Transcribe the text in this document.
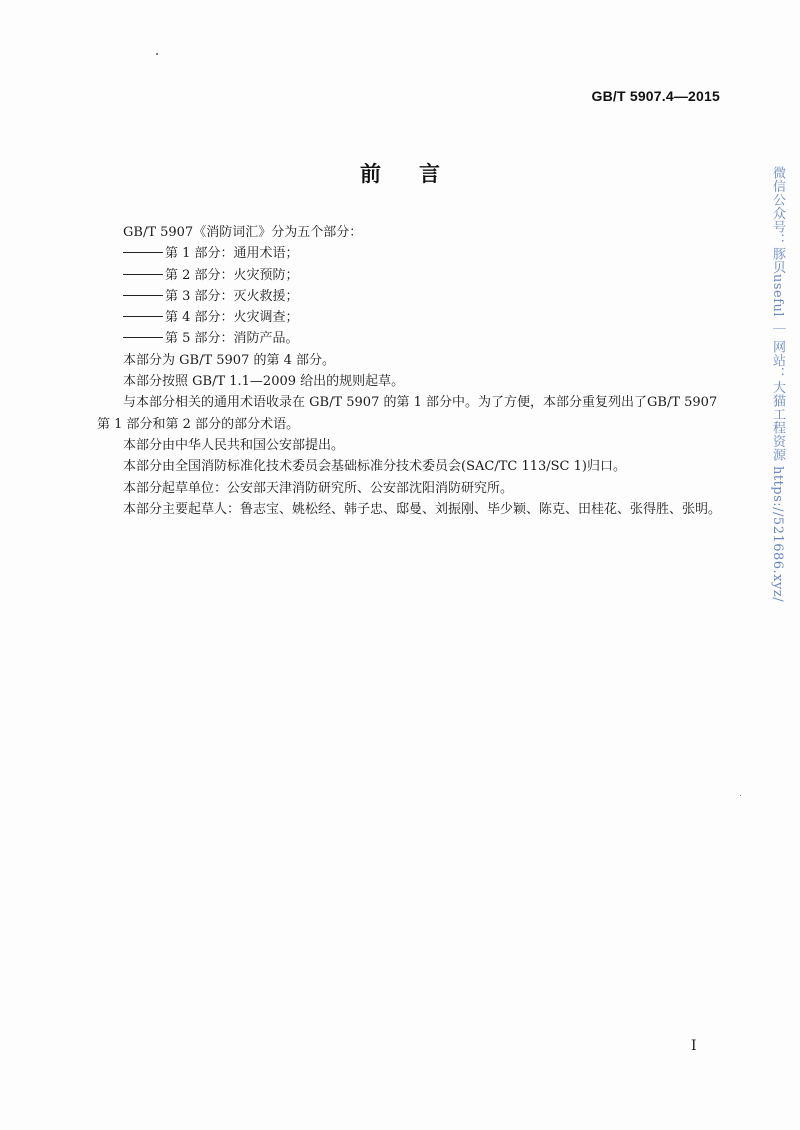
GB/T 5907.4—2015
前言
GB/T 5907《消防词汇》分为五个部分：
第 1 部分：通用术语；
第 2 部分：火灾预防；
第 3 部分：灭火救援；
第 4 部分：火灾调查；
第 5 部分：消防产品。
本部分为 GB/T 5907 的第 4 部分。
本部分按照 GB/T 1.1—2009 给出的规则起草。
与本部分相关的通用术语收录在 GB/T 5907 的第 1 部分中。为了方便，本部分重复列出了GB/T 5907
第 1 部分和第 2 部分的部分术语。
本部分由中华人民共和国公安部提出。
本部分由全国消防标准化技术委员会基础标准分技术委员会(SAC/TC 113/SC 1)归口。
本部分起草单位：公安部天津消防研究所、公安部沈阳消防研究所。
本部分主要起草人：鲁志宝、姚松经、韩子忠、邸曼、刘振刚、毕少颖、陈克、田桂花、张得胜、张明。
I
微信公众号：豚贝useful ｜ 网站：大猫工程资源 https://521686.xyz/
